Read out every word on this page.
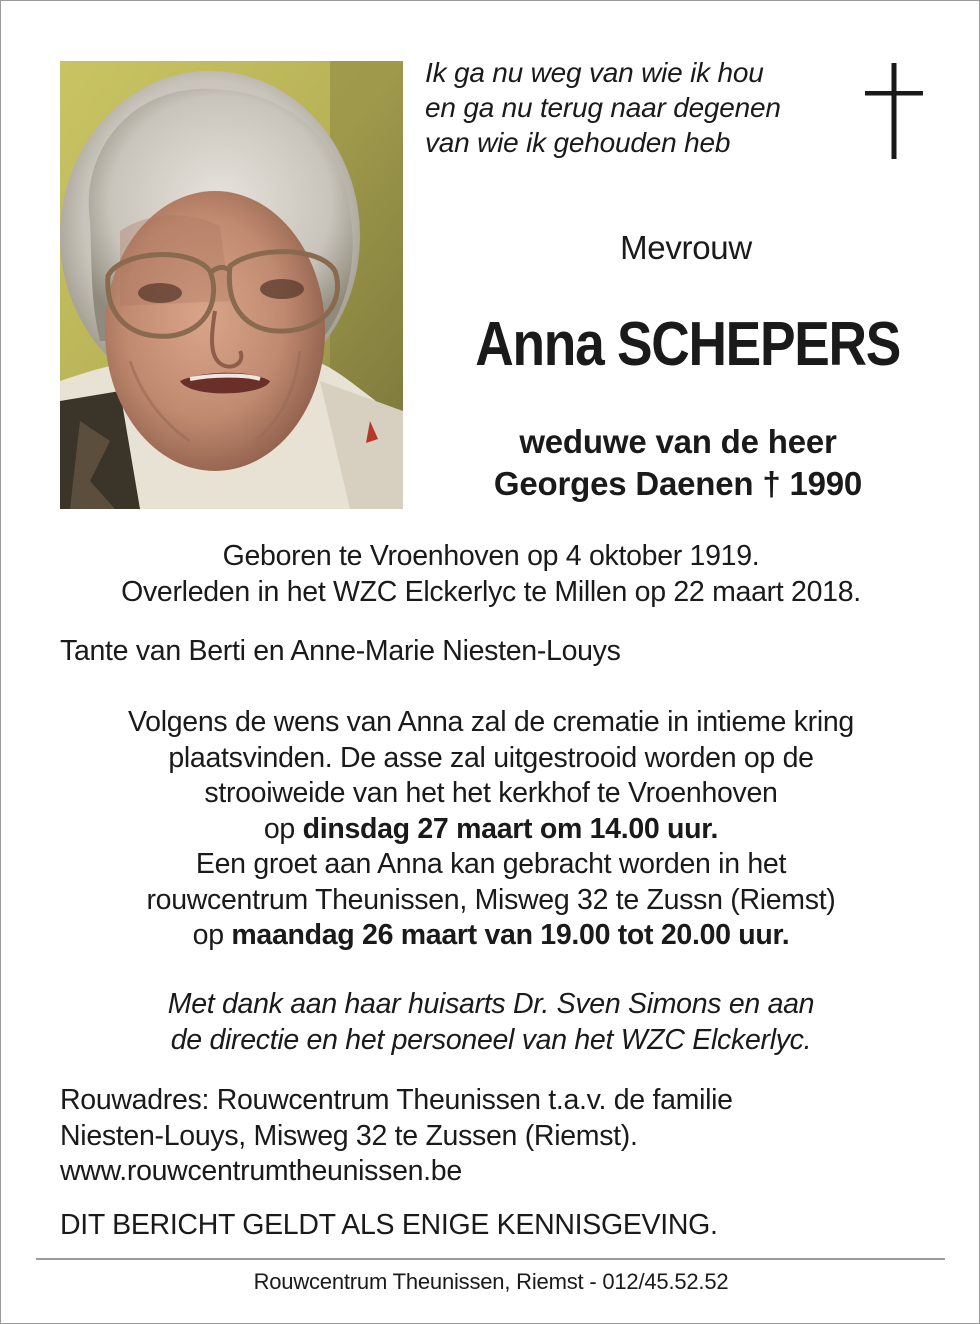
Ik ga nu weg van wie ik hou
en ga nu terug naar degenen
van wie ik gehouden heb
Mevrouw
Anna SCHEPERS
weduwe van de heer
Georges Daenen † 1990
Geboren te Vroenhoven op 4 oktober 1919.
Overleden in het WZC Elckerlyc te Millen op 22 maart 2018.
Tante van Berti en Anne-Marie Niesten-Louys
Volgens de wens van Anna zal de crematie in intieme kring
plaatsvinden. De asse zal uitgestrooid worden op de
strooiweide van het het kerkhof te Vroenhoven
op dinsdag 27 maart om 14.00 uur.
Een groet aan Anna kan gebracht worden in het
rouwcentrum Theunissen, Misweg 32 te Zussn (Riemst)
op maandag 26 maart van 19.00 tot 20.00 uur.
Met dank aan haar huisarts Dr. Sven Simons en aan
de directie en het personeel van het WZC Elckerlyc.
Rouwadres: Rouwcentrum Theunissen t.a.v. de familie
Niesten-Louys, Misweg 32 te Zussen (Riemst).
www.rouwcentrumtheunissen.be
DIT BERICHT GELDT ALS ENIGE KENNISGEVING.
Rouwcentrum Theunissen, Riemst - 012/45.52.52
